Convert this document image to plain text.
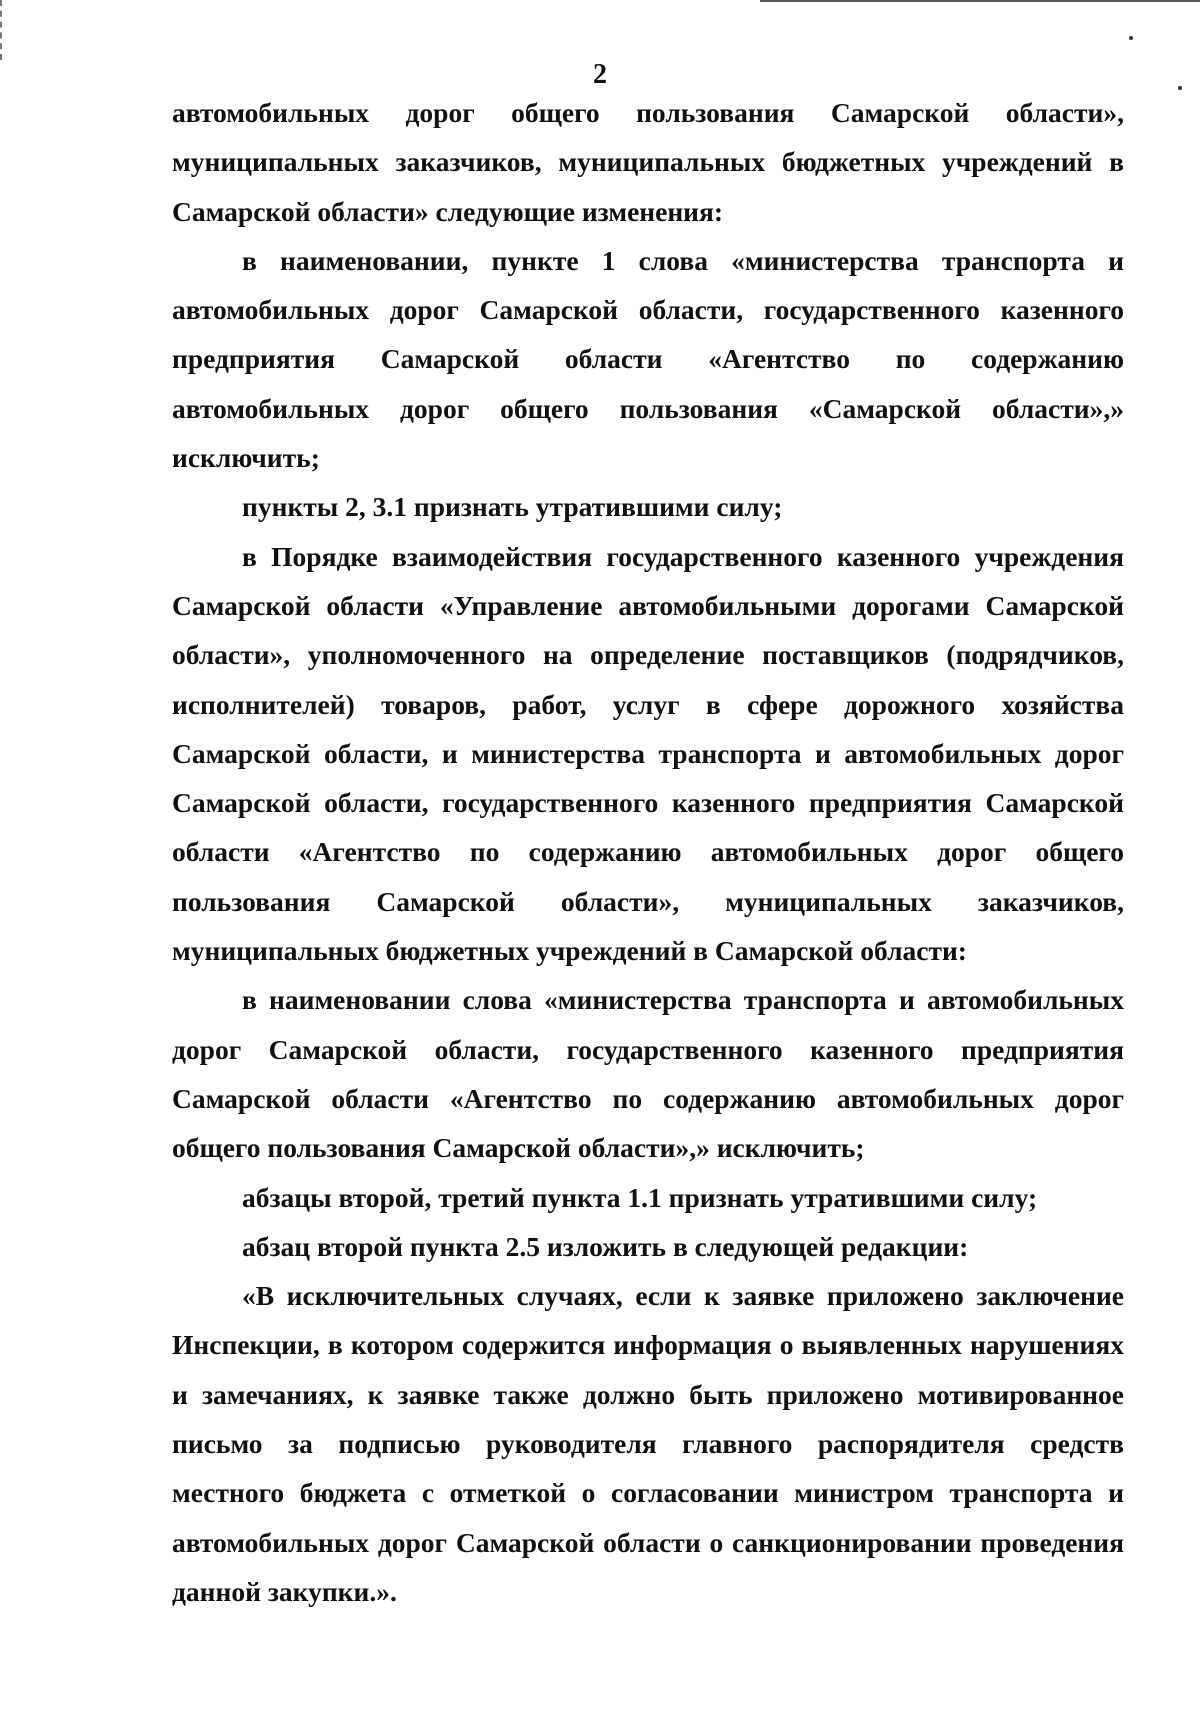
2

автомобильных дорог общего пользования Самарской области», муниципальных заказчиков, муниципальных бюджетных учреждений в Самарской области» следующие изменения:

в наименовании, пункте 1 слова «министерства транспорта и автомобильных дорог Самарской области, государственного казенного предприятия Самарской области «Агентство по содержанию автомобильных дорог общего пользования «Самарской области»,» исключить;

пункты 2, 3.1 признать утратившими силу;

в Порядке взаимодействия государственного казенного учреждения Самарской области «Управление автомобильными дорогами Самарской области», уполномоченного на определение поставщиков (подрядчиков, исполнителей) товаров, работ, услуг в сфере дорожного хозяйства Самарской области, и министерства транспорта и автомобильных дорог Самарской области, государственного казенного предприятия Самарской области «Агентство по содержанию автомобильных дорог общего пользования Самарской области», муниципальных заказчиков, муниципальных бюджетных учреждений в Самарской области:

в наименовании слова «министерства транспорта и автомобильных дорог Самарской области, государственного казенного предприятия Самарской области «Агентство по содержанию автомобильных дорог общего пользования Самарской области»,» исключить;

абзацы второй, третий пункта 1.1 признать утратившими силу;

абзац второй пункта 2.5 изложить в следующей редакции:

«В исключительных случаях, если к заявке приложено заключение Инспекции, в котором содержится информация о выявленных нарушениях и замечаниях, к заявке также должно быть приложено мотивированное письмо за подписью руководителя главного распорядителя средств местного бюджета с отметкой о согласовании министром транспорта и автомобильных дорог Самарской области о санкционировании проведения данной закупки.».
